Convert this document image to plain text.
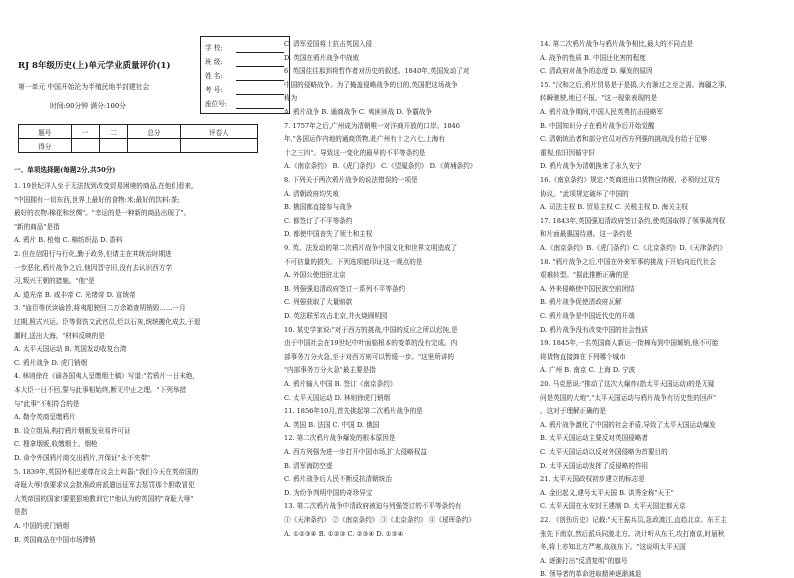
RJ 8年级历史(上)单元学业质量评价(1)
第一单元 中国开始沦为半殖民地半封建社会
时间:90分钟 满分:100分
题号	一	二	总分	评卷人
得分				
一、单项选择题(每题2分,共50分)
1. 19世纪洋人至于无法找到改变贸易困境的商品,在他们看来,
"中国拥有一切东西,世界上最好的食物:米;最好的饮料:茶;
最好的衣物:棉花和丝绸"。"幸运的是一种新的商品出现了"。
"新的商品"是指
A. 鸦片 B. 枪炮 C. 棉纺织品 D. 香料
2. 但在信阳行与行化,勤于政务,但请主在其统治时期进
一步恶化,鸦片战争之后,他因晋守旧,没有去认识西方学
习,叛兴王朝的措施。"他"是
A. 道光帝 B. 咸丰帝 C. 光绪帝 D. 宣统帝
3. "庙臣等伏读谕旨,将夷船驶回二万余箱查明销毁……一月
过期,照式兴运。臣等督饬文武官员,烂以石灰,统统搬化成去,于退
潮时,送出大海。"材料反映的是
A. 太平天国运动 B. 英国发动收复台湾
C. 鸦片战争 D. 虎门销烟
4. 林则徐在《谕各国夷人呈缴烟土稿》写道:"若鸦片一日未绝,
本大臣一日不回,誓与此事相始终,断无中止之理。"下列举措
与"此事"不相符合的是
A. 勒令英商呈缴鸦片
B. 设立组局,构打鸦片烟贩发贡易许可证
C. 搜拿烟贩,收缴烟土、烟枪
D. 命令外国鸦片商交出鸦片,并保证"永不夹带"
5. 1839年,英国外相巴麦尊在议会上叫嚣:"我们今天在英帝国的
奇耻大辱!我要求议会批准政府派遣远征军去惩罚那个胆敢冒犯
大英帝国的国家!要狠狠地教训它!"他认为的英国的"奇耻大辱"
是指
A. 中国的虎门销烟
B. 英国商品在中国市场滞销
学 校:
班 级:
姓 名:
考 号:
座位号:
C. 清军爱国将士抗击英国入侵
D. 英国在鸦片战争中战败
6. 英国往往那到将哲作者对历史的叙述。1840年,英国发动了对
中国的侵略战争。为了掩盖侵略战争的目的,英国把这场战争
称为
A. 鸦片战争 B. 通商战争 C. 夷匪匪战 D. 争霸战争
7. 1757年之后,广州成为清朝唯一对洋商开放的口岸。1846
年,"各国运作内地的通商货物,赴广州有十之六七,上海有
十之三四"。导致这一变化的最早的不平等条约是
A.《南京条约》 B.《虎门条约》 C.《望厦条约》 D.《黄埔条约》
8. 下列关于两次鸦片战争的说法错误的一项是
A. 清朝政府均失败
B. 俄国都直接参与战争
C. 都签订了不平等条约
D. 都使中国丧失了领土和主权
9. 英、法发动的第二次鸦片战争中国文化和世界文明造成了
不可估量的损失。下列选项能印证这一观点的是
A. 外国公使进驻北京
B. 列强强迫清政府签订一系列不平等条约
C. 列强获取了大量赔款
D. 英法联军攻占北京,并火烧圆明园
10. 某史学家说:"对于西方的挑战,中国的反应之所以迟钝,是
由于中国社会在19世纪中叶面临根本的变革的没有完成。内
部事务万分火急,至于对西方则可以暂缓一步。"这里所讲的
"内部事务万分火急"最主要是指
A. 鸦片输入中国 B. 签订《南京条约》
C. 太平天国运动 D. 林则徐虎门销烟
11. 1856年10月,首先挑起第二次鸦片战争的是
A. 英国 B. 法国 C. 中国 D. 俄国
12. 第二次鸦片战争爆发的根本原因是
A. 西方列强为进一步打开中国市场,扩大侵略权益
B. 清军海防空虚
C. 鸦片战争后人民不断反抗清朝统治
D. 为纷争判明中国的奇珍异宝
13. 第二次鸦片战争中清政府被迫与列强签订的不平等条约有
①《天津条约》 ②《南京条约》 ③《北京条约》 ④《瑷珲条约》
A. ①②③④ B. ①②③ C. ②③④ D. ①③④
14. 第二次鸦片战争与鸦片战争相比,最大的不同点是
A. 战争的性质 B. 中国还化害的程度
C. 清政府对战争的态度 D. 爆发的原因
15. "汉和之后,鸦片贸易是于是捣,大有渐过之至之需。海疆之事,
转瞬驰驶,地已不报。"这一现象表现的是
A. 鸦片战争期间,中国人民英勇抗击侵略军
B. 中国知识分子在鸦片战争后开始觉醒
C. 清朝统治者和部分官员对西方列强的挑战没有给于足够
重视,依旧因循守旧
D. 鸦片战争为清朝换来了永久安宁
16.《南京条约》规定:"英商进出口货物应纳税、必须经过双方
协议。"此项规定破坏了中国的
A. 司法主权 B. 贸易主权 C. 关税主权 D. 海关主权
17. 1843年,英国强迫清政府签订条约,使英国取得了领事裁判权
和片面最惠国待遇。这一条约是
A.《南京条约》B.《虎门条约》C.《北京条约》D.《天津条约》
18. "鸦片战争之后,中国在外来军事的挑战下开始向近代社会
艰难转型。"据此推断正确的是
A. 外来侵略使中国民族空前团结
B. 鸦片战争促使清政府瓦解
C. 鸦片战争是中国近代史的开端
D. 鸦片战争没有改变中国的社会性质
19. 1845年,一名英国商人新运一批棉布到中国倾销,他不可能
将货物直接卸在下列哪个城市
A. 广州 B. 南京 C. 上海 D. 宁波
20. 马克思说:"推动了这次大爆炸(指太平天国运动)的是无疑
问是英国的大炮","太平天国运动与鸦片战争有历史性的回声"
。这对于理解正确的是
A. 鸦片战争激化了中国的社会矛盾,导致了太平天国运动爆发
B. 太平天国运动主要反对英国侵略者
C. 太平天国运动以反对外国侵略为首要目的
D. 太平天国运动发挥了反侵略的作用
21. 太平天国政权初步建立的标志是
A. 金田起义,建号太平天国 B. 洪秀全称"天王"
C. 太平天国在永安封王建制 D. 太平天国定都天京
22. 《创伤历史》记载:"天王振兵员,急政渡江,直趋北京。东王主
张先下南京,然后派兵同渡北方。决计听从东王,攻打南京,时届秋
冬,将士亦知北方严寒,故战东下。"这说明太平天国
A. 逐渐打出"反清复明"的旗号
B. 领导者的革命进取精神逐渐减退
